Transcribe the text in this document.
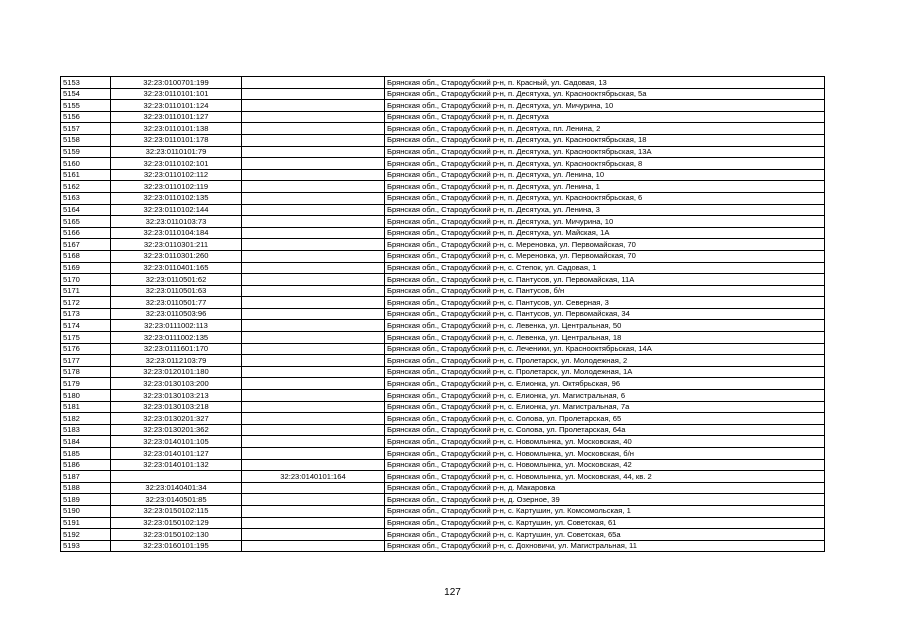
5153	32:23:0100701:199		Брянская обл., Стародубский р-н, п. Красный, ул. Садовая, 13
5154	32:23:0110101:101		Брянская обл., Стародубский р-н, п. Десятуха, ул. Краснооктябрьская, 5а
5155	32:23:0110101:124		Брянская обл., Стародубский р-н, п. Десятуха, ул. Мичурина, 10
5156	32:23:0110101:127		Брянская обл., Стародубский р-н, п. Десятуха
5157	32:23:0110101:138		Брянская обл., Стародубский р-н, п. Десятуха, пл. Ленина, 2
5158	32:23:0110101:178		Брянская обл., Стародубский р-н, п. Десятуха, ул. Краснооктябрьская, 18
5159	32:23:0110101:79		Брянская обл., Стародубский р-н, п. Десятуха, ул. Краснооктябрьская, 13А
5160	32:23:0110102:101		Брянская обл., Стародубский р-н, п. Десятуха, ул. Краснооктябрьская, 8
5161	32:23:0110102:112		Брянская обл., Стародубский р-н, п. Десятуха, ул. Ленина, 10
5162	32:23:0110102:119		Брянская обл., Стародубский р-н, п. Десятуха, ул. Ленина, 1
5163	32:23:0110102:135		Брянская обл., Стародубский р-н, п. Десятуха, ул. Краснооктябрьская, 6
5164	32:23:0110102:144		Брянская обл., Стародубский р-н, п. Десятуха, ул. Ленина, 3
5165	32:23:0110103:73		Брянская обл., Стародубский р-н, п. Десятуха, ул. Мичурина, 10
5166	32:23:0110104:184		Брянская обл., Стародубский р-н, п. Десятуха, ул. Майская, 1А
5167	32:23:0110301:211		Брянская обл., Стародубский р-н, с. Мереновка, ул. Первомайская, 70
5168	32:23:0110301:260		Брянская обл., Стародубский р-н, с. Мереновка, ул. Первомайская, 70
5169	32:23:0110401:165		Брянская обл., Стародубский р-н, с. Степок, ул. Садовая, 1
5170	32:23:0110501:62		Брянская обл., Стародубский р-н, с. Пантусов, ул. Первомайская, 11А
5171	32:23:0110501:63		Брянская обл., Стародубский р-н, с. Пантусов, б/н
5172	32:23:0110501:77		Брянская обл., Стародубский р-н, с. Пантусов, ул. Северная, 3
5173	32:23:0110503:96		Брянская обл., Стародубский р-н, с. Пантусов, ул. Первомайская, 34
5174	32:23:0111002:113		Брянская обл., Стародубский р-н, с. Левенка, ул. Центральная, 50
5175	32:23:0111002:135		Брянская обл., Стародубский р-н, с. Левенка, ул. Центральная, 18
5176	32:23:0111601:170		Брянская обл., Стародубский р-н, с. Леченики, ул. Краснооктябрьская, 14А
5177	32:23:0112103:79		Брянская обл., Стародубский р-н, с. Пролетарск, ул. Молодежная, 2
5178	32:23:0120101:180		Брянская обл., Стародубский р-н, с. Пролетарск, ул. Молодежная, 1А
5179	32:23:0130103:200		Брянская обл., Стародубский р-н, с. Елионка, ул. Октябрьская, 96
5180	32:23:0130103:213		Брянская обл., Стародубский р-н, с. Елионка, ул. Магистральная, 6
5181	32:23:0130103:218		Брянская обл., Стародубский р-н, с. Елионка, ул. Магистральная, 7а
5182	32:23:0130201:327		Брянская обл., Стародубский р-н, с. Солова, ул. Пролетарская, 65
5183	32:23:0130201:362		Брянская обл., Стародубский р-н, с. Солова, ул. Пролетарская, 64а
5184	32:23:0140101:105		Брянская обл., Стародубский р-н, с. Новомлынка, ул. Московская, 40
5185	32:23:0140101:127		Брянская обл., Стародубский р-н, с. Новомлынка, ул. Московская, б/н
5186	32:23:0140101:132		Брянская обл., Стародубский р-н, с. Новомлынка, ул. Московская, 42
5187		32:23:0140101:164	Брянская обл., Стародубский р-н, с. Новомлынка, ул. Московская, 44, кв. 2
5188	32:23:0140401:34		Брянская обл., Стародубский р-н, д. Макаровка
5189	32:23:0140501:85		Брянская обл., Стародубский р-н, д. Озерное, 39
5190	32:23:0150102:115		Брянская обл., Стародубский р-н, с. Картушин, ул. Комсомольская, 1
5191	32:23:0150102:129		Брянская обл., Стародубский р-н, с. Картушин, ул. Советская, 61
5192	32:23:0150102:130		Брянская обл., Стародубский р-н, с. Картушин, ул. Советская, 65а
5193	32:23:0160101:195		Брянская обл., Стародубский р-н, с. Дохновичи, ул. Магистральная, 11
127
